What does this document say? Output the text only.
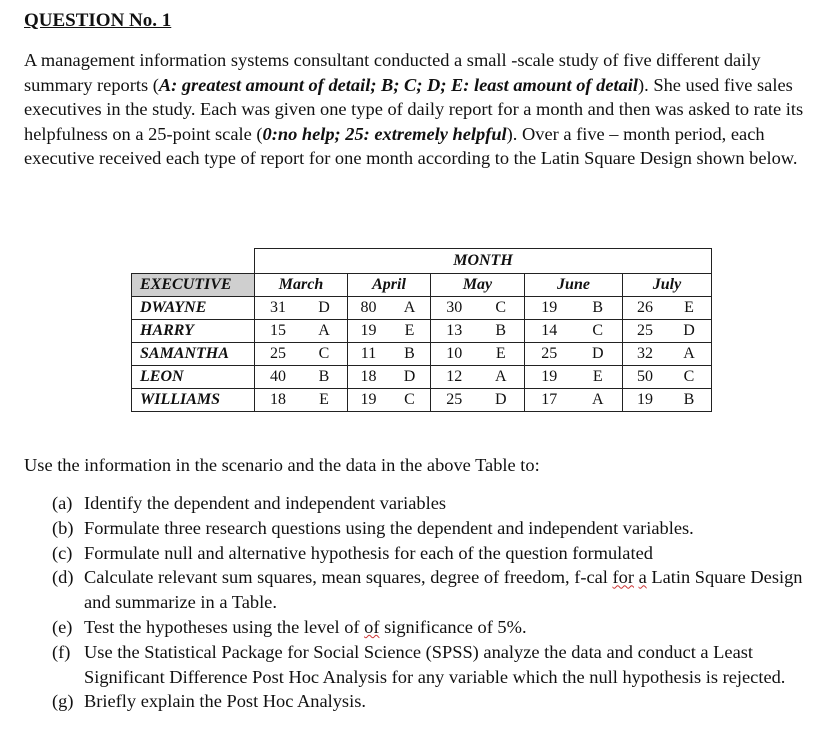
QUESTION No. 1

A management information systems consultant conducted a small -scale study of five different daily summary reports (A: greatest amount of detail; B; C; D; E: least amount of detail). She used five sales executives in the study. Each was given one type of daily report for a month and then was asked to rate its helpfulness on a 25-point scale (0:no help; 25: extremely helpful). Over a five – month period, each executive received each type of report for one month according to the Latin Square Design shown below.

	MONTH				
EXECUTIVE	March	April	May	June	July
DWAYNE	31 D	80 A	30 C	19 B	26 E
HARRY	15 A	19 E	13 B	14 C	25 D
SAMANTHA	25 C	11 B	10 E	25 D	32 A
LEON	40 B	18 D	12 A	19 E	50 C
WILLIAMS	18 E	19 C	25 D	17 A	19 B

Use the information in the scenario and the data in the above Table to:

(a) Identify the dependent and independent variables
(b) Formulate three research questions using the dependent and independent variables.
(c) Formulate null and alternative hypothesis for each of the question formulated
(d) Calculate relevant sum squares, mean squares, degree of freedom, f-cal for a Latin Square Design and summarize in a Table.
(e) Test the hypotheses using the level of of significance of 5%.
(f) Use the Statistical Package for Social Science (SPSS) analyze the data and conduct a Least Significant Difference Post Hoc Analysis for any variable which the null hypothesis is rejected.
(g) Briefly explain the Post Hoc Analysis.
